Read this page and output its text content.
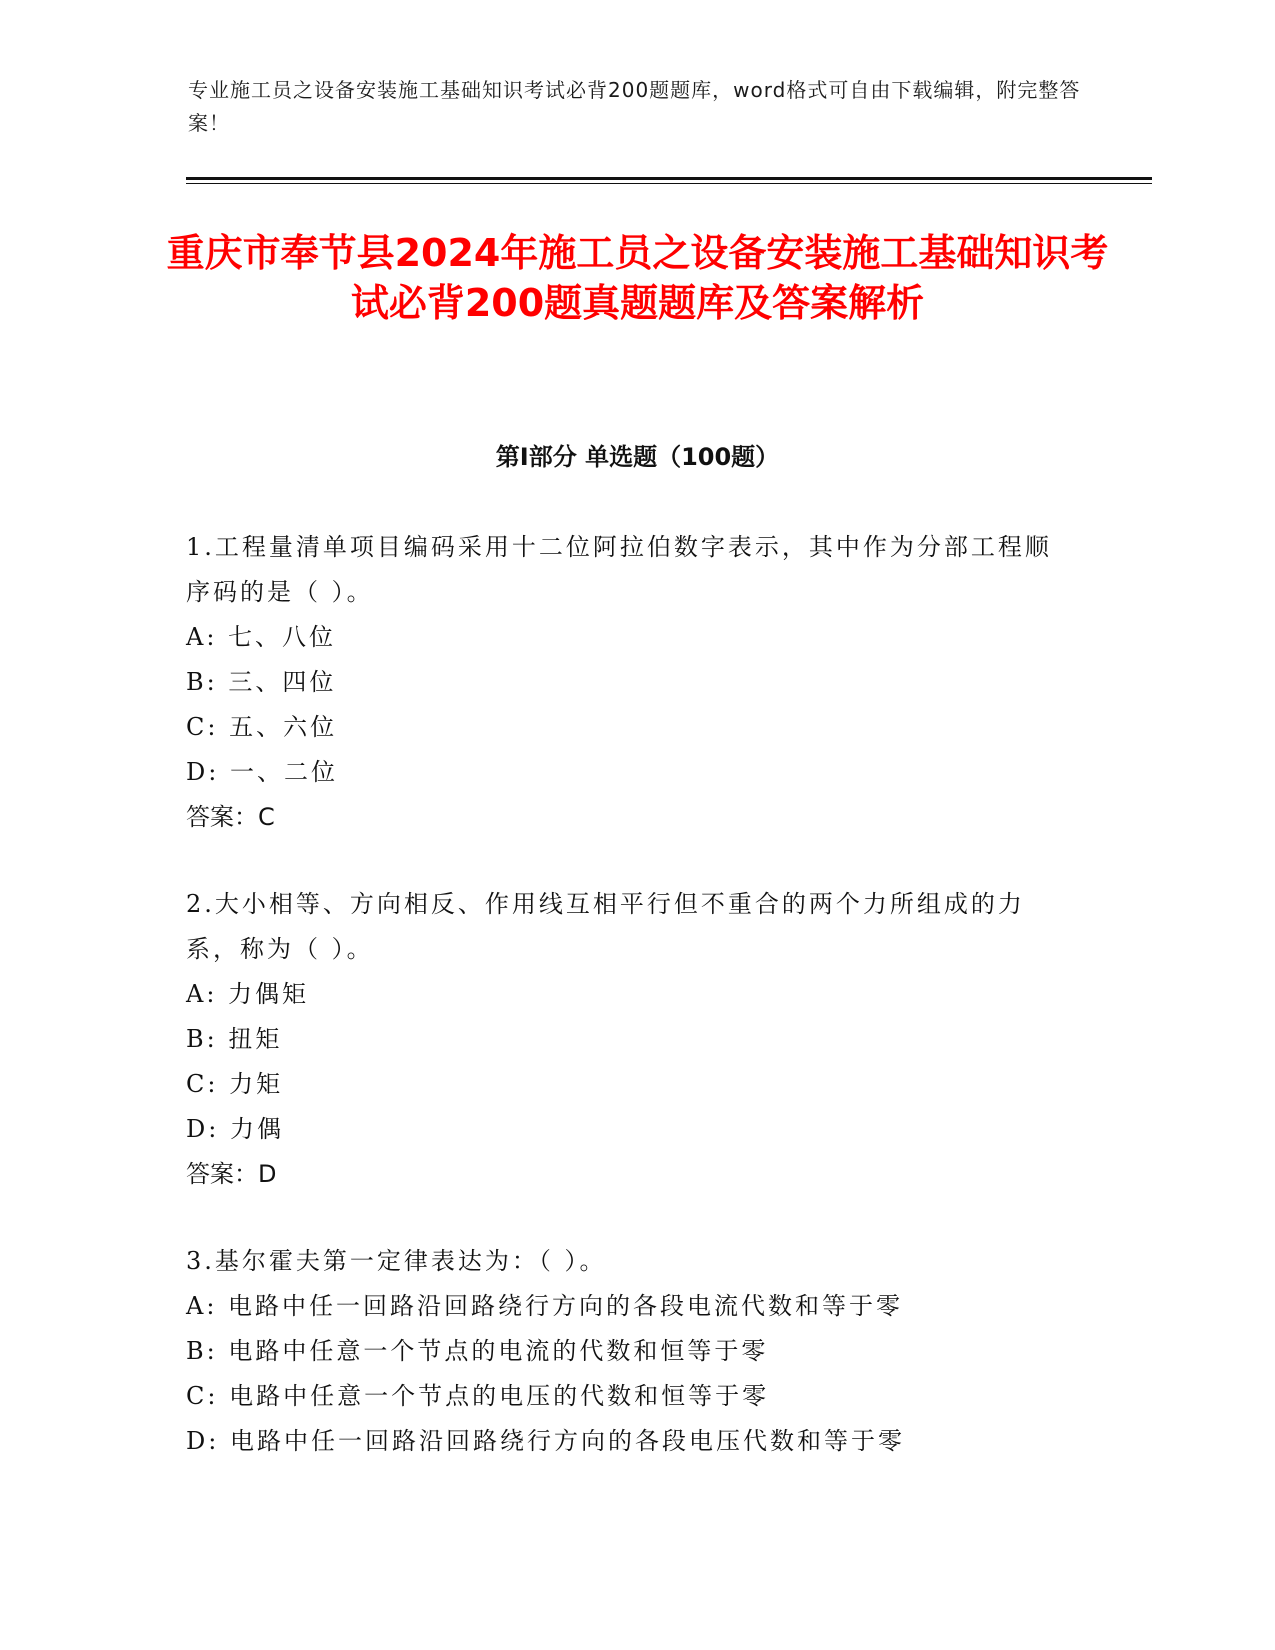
专业施工员之设备安装施工基础知识考试必背200题题库，word格式可自由下载编辑，附完整答案！
重庆市奉节县2024年施工员之设备安装施工基础知识考试必背200题真题题库及答案解析
第I部分 单选题（100题）
1.工程量清单项目编码采用十二位阿拉伯数字表示，其中作为分部工程顺序码的是（ ）。
A: 七、八位
B: 三、四位
C: 五、六位
D: 一、二位
答案：C
2.大小相等、方向相反、作用线互相平行但不重合的两个力所组成的力系，称为（ ）。
A: 力偶矩
B: 扭矩
C: 力矩
D: 力偶
答案：D
3.基尔霍夫第一定律表达为：（ ）。
A: 电路中任一回路沿回路绕行方向的各段电流代数和等于零
B: 电路中任意一个节点的电流的代数和恒等于零
C: 电路中任意一个节点的电压的代数和恒等于零
D: 电路中任一回路沿回路绕行方向的各段电压代数和等于零
